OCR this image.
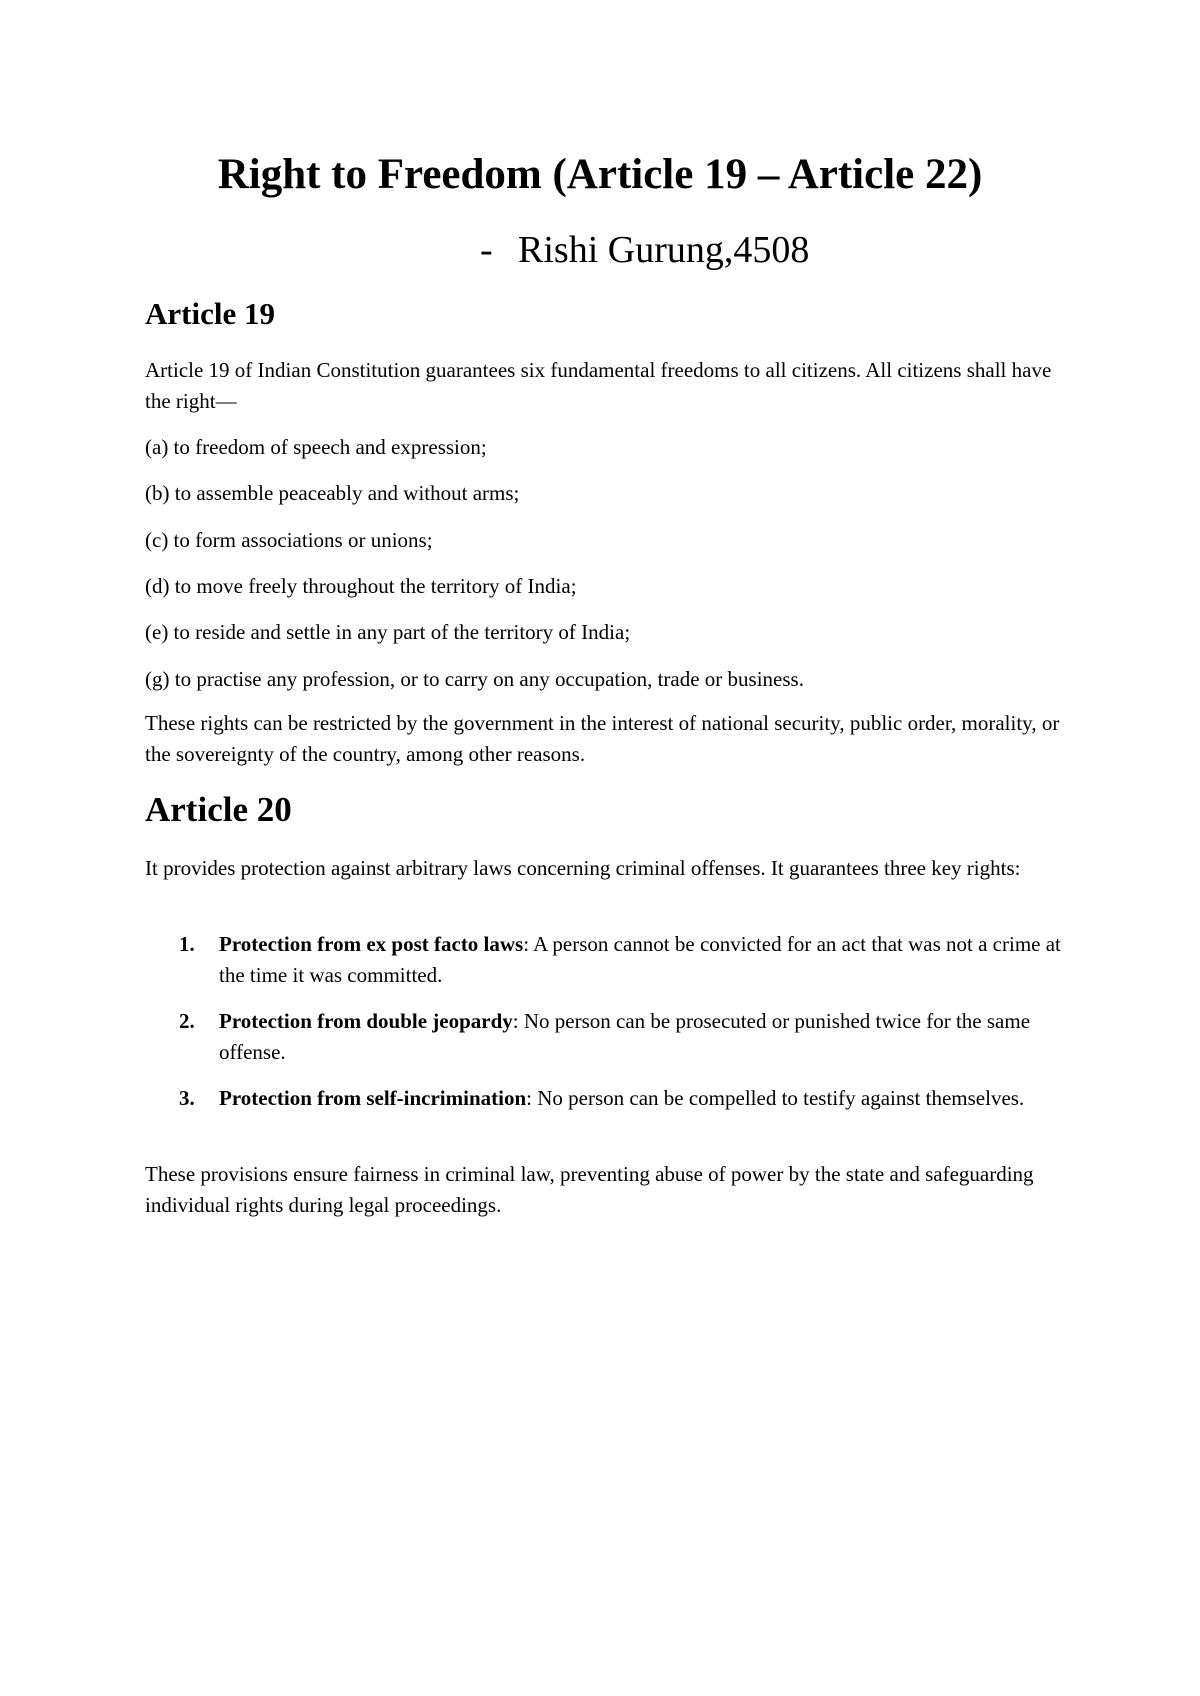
Right to Freedom (Article 19 – Article 22)

- Rishi Gurung,4508

Article 19

Article 19 of Indian Constitution guarantees six fundamental freedoms to all citizens. All citizens shall have the right—

(a) to freedom of speech and expression;

(b) to assemble peaceably and without arms;

(c) to form associations or unions;

(d) to move freely throughout the territory of India;

(e) to reside and settle in any part of the territory of India;

(g) to practise any profession, or to carry on any occupation, trade or business.

These rights can be restricted by the government in the interest of national security, public order, morality, or the sovereignty of the country, among other reasons.

Article 20

It provides protection against arbitrary laws concerning criminal offenses. It guarantees three key rights:

1. Protection from ex post facto laws: A person cannot be convicted for an act that was not a crime at the time it was committed.
2. Protection from double jeopardy: No person can be prosecuted or punished twice for the same offense.
3. Protection from self-incrimination: No person can be compelled to testify against themselves.

These provisions ensure fairness in criminal law, preventing abuse of power by the state and safeguarding individual rights during legal proceedings.
